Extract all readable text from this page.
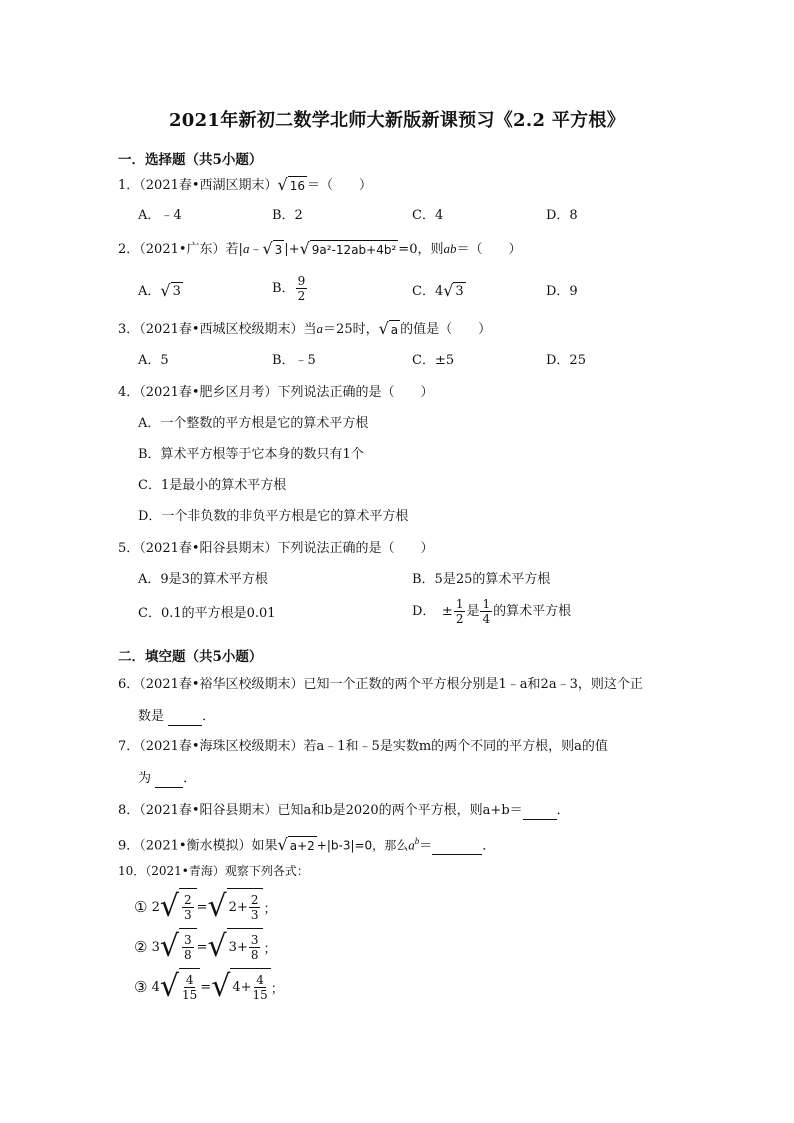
2021年新初二数学北师大新版新课预习《2.2 平方根》
一．选择题（共5小题）
1．（2021春•西湖区期末） √ 16 ＝（　　）
A．﹣4	B．2	C．4	D．8
2．（2021•广东）若|a﹣ √ 3 |+ √ 9a²-12ab+4b² =0，则ab＝（　　）
A． √ 3	B． $\frac{9}{2}$	C．4 √ 3	D．9
3．（2021春•西城区校级期末）当a＝25时， √ a 的值是（　　）
A．5	B．﹣5	C．±5	D．25
4．（2021春•肥乡区月考）下列说法正确的是（　　）
A．一个整数的平方根是它的算术平方根
B．算术平方根等于它本身的数只有1个
C．1是最小的算术平方根
D．一个非负数的非负平方根是它的算术平方根
5．（2021春•阳谷县期末）下列说法正确的是（　　）
A．9是3的算术平方根	B．5是25的算术平方根
C．0.1的平方根是0.01	D．　± $\frac{1}{2}$ 是 $\frac{1}{4}$ 的算术平方根
二．填空题（共5小题）
6．（2021春•裕华区校级期末）已知一个正数的两个平方根分别是1﹣a和2a﹣3，则这个正
数是	．
7．（2021春•海珠区校级期末）若a﹣1和﹣5是实数m的两个不同的平方根，则a的值
为 ．
8．（2021春•阳谷县期末）已知a和b是2020的两个平方根，则a+b＝	．
9．（2021•衡水模拟）如果 √ a+2 +|b-3|=0，那么$a^b=$	．
10．（2021•青海）观察下列各式：
①
2 √ $\frac{2}{3}$ = √ $2+ \frac{2}{3}$ ；
②
3 √ $\frac{3}{8}$ = √ $3+ \frac{3}{8}$ ；
③
4 √ $\frac{4}{15}$ = √ $4+ \frac{4}{15}$ ；
